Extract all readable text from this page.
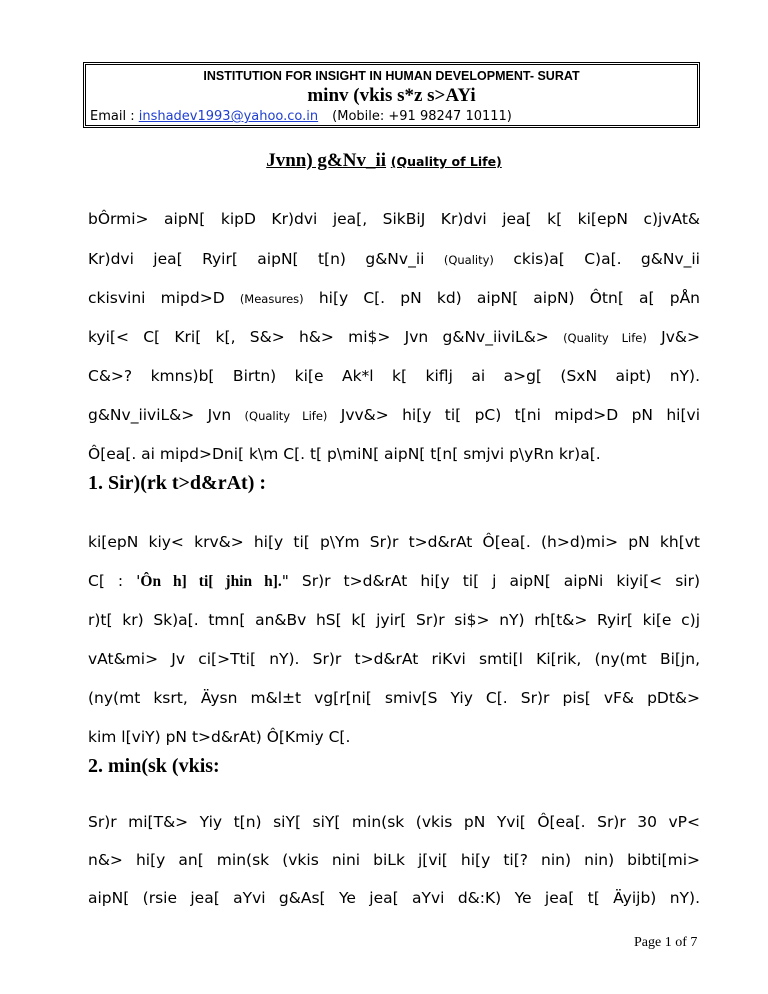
INSTITUTION FOR INSIGHT IN HUMAN DEVELOPMENT- SURAT
minv (vkis s*z s>AYi
Email : inshadev1993@yahoo.co.in (Mobile: +91 98247 10111)
Jvnn) g&Nv_ii (Quality of Life)
bÔrmi> aipN[ kipD Kr)dvi jea[, SikBiJ Kr)dvi jea[ k[ ki[epN c)jvAt&
Kr)dvi jea[ Ryir[ aipN[ t[n) g&Nv_ii (Quality) ckis)a[ C)a[. g&Nv_ii
ckisvini mipd>D (Measures) hi[y C[. pN kd) aipN[ aipN) Ôtn[ a[ pÅn
kyi[< C[ Kri[ k[, S&> h&> mi$> Jvn g&Nv_iiviL&> (Quality Life) Jv&>
C&>? kmns)b[ Birtn) ki[e Ak*l k[ kiflj ai a>g[ (SxN aipt) nY).
g&Nv_iiviL&> Jvn (Quality Life) Jvv&> hi[y ti[ pC) t[ni mipd>D pN hi[vi
Ô[ea[. ai mipd>Dni[ k\m C[. t[ p\miN[ aipN[ t[n[ smjvi p\yRn kr)a[.
1. Sir)(rk t>d&rAt) :
ki[epN kiy< krv&> hi[y ti[ p\Ym Sr)r t>d&rAt Ô[ea[. (h>d)mi> pN kh[vt
C[ : 'Ôn h] ti[ jhin h]." Sr)r t>d&rAt hi[y ti[ j aipN[ aipNi kiyi[< sir)
r)t[ kr) Sk)a[. tmn[ an&Bv hS[ k[ jyir[ Sr)r si$> nY) rh[t&> Ryir[ ki[e c)j
vAt&mi> Jv ci[>Tti[ nY). Sr)r t>d&rAt riKvi smti[l Ki[rik, (ny(mt Bi[jn,
(ny(mt ksrt, Äysn m&l±t vg[r[ni[ smiv[S Yiy C[. Sr)r pis[ vF& pDt&>
kim l[viY) pN t>d&rAt) Ô[Kmiy C[.
2. min(sk (vkis:
Sr)r mi[T&> Yiy t[n) siY[ siY[ min(sk (vkis pN Yvi[ Ô[ea[. Sr)r 30 vP<
n&> hi[y an[ min(sk (vkis nini biLk j[vi[ hi[y ti[? nin) nin) bibti[mi>
aipN[ (rsie jea[ aYvi g&As[ Ye jea[ aYvi d&:K) Ye jea[ t[ Äyijb) nY).
Page 1 of 7
